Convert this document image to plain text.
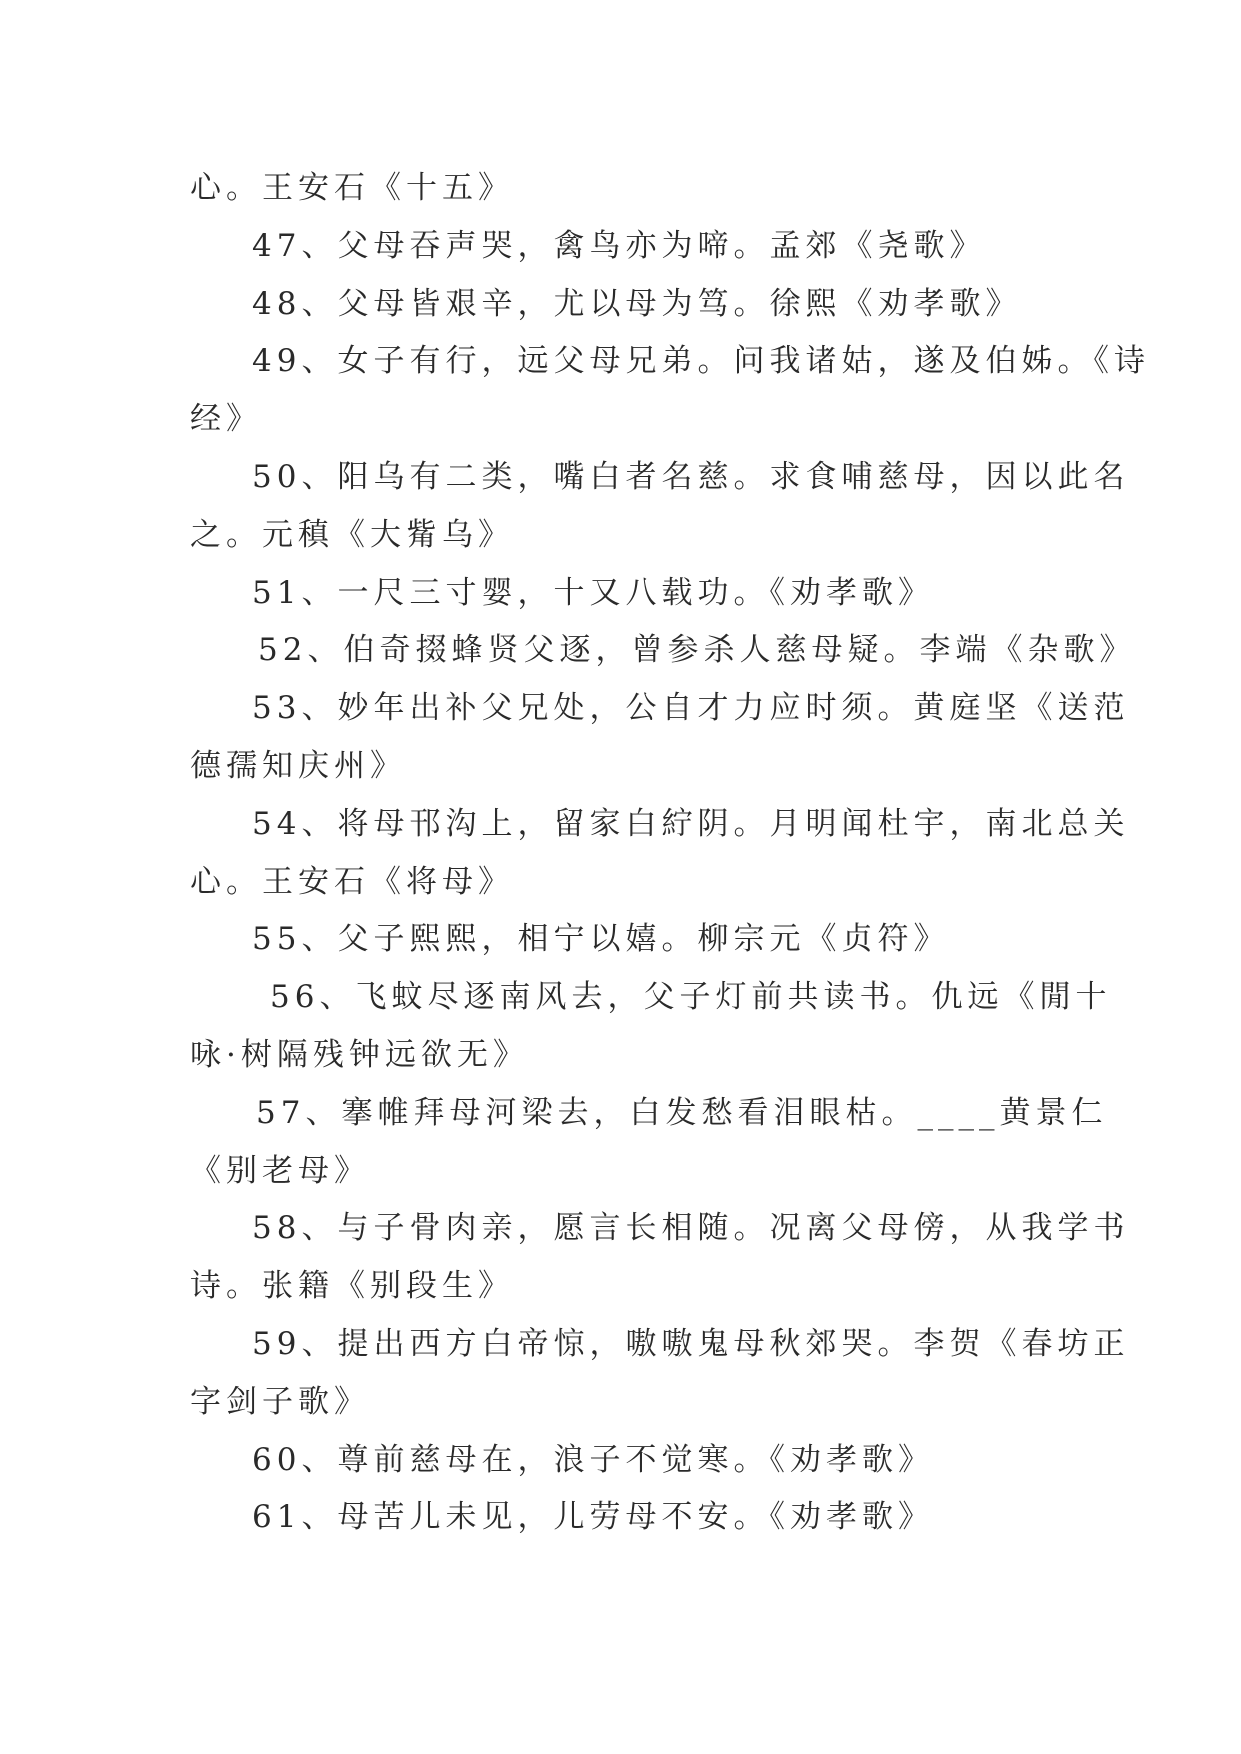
心。王安石《十五》
47、父母吞声哭，禽鸟亦为啼。孟郊《尧歌》
48、父母皆艰辛，尤以母为笃。徐熙《劝孝歌》
49、女子有行，远父母兄弟。问我诸姑，遂及伯姊。《诗
经》
50、阳乌有二类，嘴白者名慈。求食哺慈母，因以此名
之。元稹《大觜乌》
51、一尺三寸婴，十又八载功。《劝孝歌》
52、伯奇掇蜂贤父逐，曾参杀人慈母疑。李端《杂歌》
53、妙年出补父兄处，公自才力应时须。黄庭坚《送范
德孺知庆州》
54、将母邗沟上，留家白紵阴。月明闻杜宇，南北总关
心。王安石《将母》
55、父子熙熙，相宁以嬉。柳宗元《贞符》
56、飞蚊尽逐南风去，父子灯前共读书。仇远《閒十
咏·树隔残钟远欲无》
57、搴帷拜母河梁去，白发愁看泪眼枯。____黄景仁
《别老母》
58、与子骨肉亲，愿言长相随。况离父母傍，从我学书
诗。张籍《别段生》
59、提出西方白帝惊，嗷嗷鬼母秋郊哭。李贺《春坊正
字剑子歌》
60、尊前慈母在，浪子不觉寒。《劝孝歌》
61、母苦儿未见，儿劳母不安。《劝孝歌》
